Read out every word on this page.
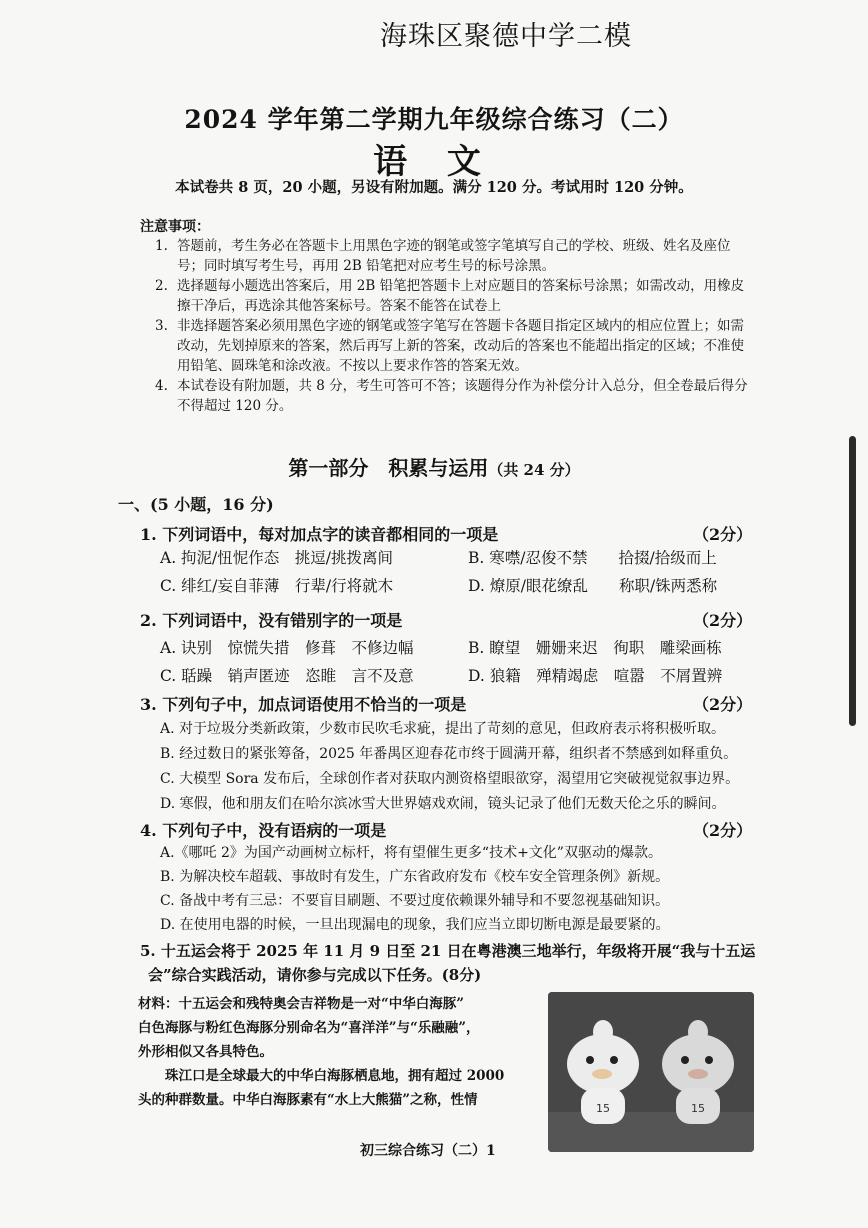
海珠区聚德中学二模
2024 学年第二学期九年级综合练习（二）
语 文
本试卷共 8 页，20 小题，另设有附加题。满分 120 分。考试用时 120 分钟。
注意事项：
1. 答题前，考生务必在答题卡上用黑色字迹的钢笔或签字笔填写自己的学校、班级、姓名及座位号；同时填写考生号，再用 2B 铅笔把对应考生号的标号涂黑。
2. 选择题每小题选出答案后，用 2B 铅笔把答题卡上对应题目的答案标号涂黑；如需改动，用橡皮擦干净后，再选涂其他答案标号。答案不能答在试卷上
3. 非选择题答案必须用黑色字迹的钢笔或签字笔写在答题卡各题目指定区域内的相应位置上；如需改动，先划掉原来的答案，然后再写上新的答案，改动后的答案也不能超出指定的区域；不准使用铅笔、圆珠笔和涂改液。不按以上要求作答的答案无效。
4. 本试卷设有附加题，共 8 分，考生可答可不答；该题得分作为补偿分计入总分，但全卷最后得分不得超过 120 分。
第一部分　积累与运用（共 24 分）
一、(5 小题，16 分)
1. 下列词语中，每对加点字的读音都相同的一项是	（2分）
A. 拘泥/忸怩作态　挑逗/挑拨离间	B. 寒噤/忍俊不禁　　拾掇/拾级而上
C. 绯红/妄自菲薄　行辈/行将就木	D. 燎原/眼花缭乱　　称职/铢两悉称
2. 下列词语中，没有错别字的一项是	（2分）
A. 诀别　惊慌失措　修葺　不修边幅	B. 瞭望　姗姗来迟　徇职　雕梁画栋
C. 聒躁　销声匿迹　恣睢　言不及意	D. 狼籍　殚精竭虑　喧嚣　不屑置辨
3. 下列句子中，加点词语使用不恰当的一项是	（2分）
A. 对于垃圾分类新政策，少数市民吹毛求疵，提出了苛刻的意见，但政府表示将积极听取。
B. 经过数日的紧张筹备，2025 年番禺区迎春花市终于圆满开幕，组织者不禁感到如释重负。
C. 大模型 Sora 发布后，全球创作者对获取内测资格望眼欲穿，渴望用它突破视觉叙事边界。
D. 寒假，他和朋友们在哈尔滨冰雪大世界嬉戏欢闹，镜头记录了他们无数天伦之乐的瞬间。
4. 下列句子中，没有语病的一项是	（2分）
A.《哪吒 2》为国产动画树立标杆，将有望催生更多“技术+文化”双驱动的爆款。
B. 为解决校车超载、事故时有发生，广东省政府发布《校车安全管理条例》新规。
C. 备战中考有三忌：不要盲目刷题、不要过度依赖课外辅导和不要忽视基础知识。
D. 在使用电器的时候，一旦出现漏电的现象，我们应当立即切断电源是最要紧的。
5. 十五运会将于 2025 年 11 月 9 日至 21 日在粤港澳三地举行，年级将开展“我与十五运
会”综合实践活动，请你参与完成以下任务。(8分)
材料：十五运会和残特奥会吉祥物是一对“中华白海豚”
白色海豚与粉红色海豚分别命名为“喜洋洋”与“乐融融”，
外形相似又各具特色。
　　珠江口是全球最大的中华白海豚栖息地，拥有超过 2000
头的种群数量。中华白海豚素有“水上大熊猫”之称，性情
15	15
初三综合练习（二）1
